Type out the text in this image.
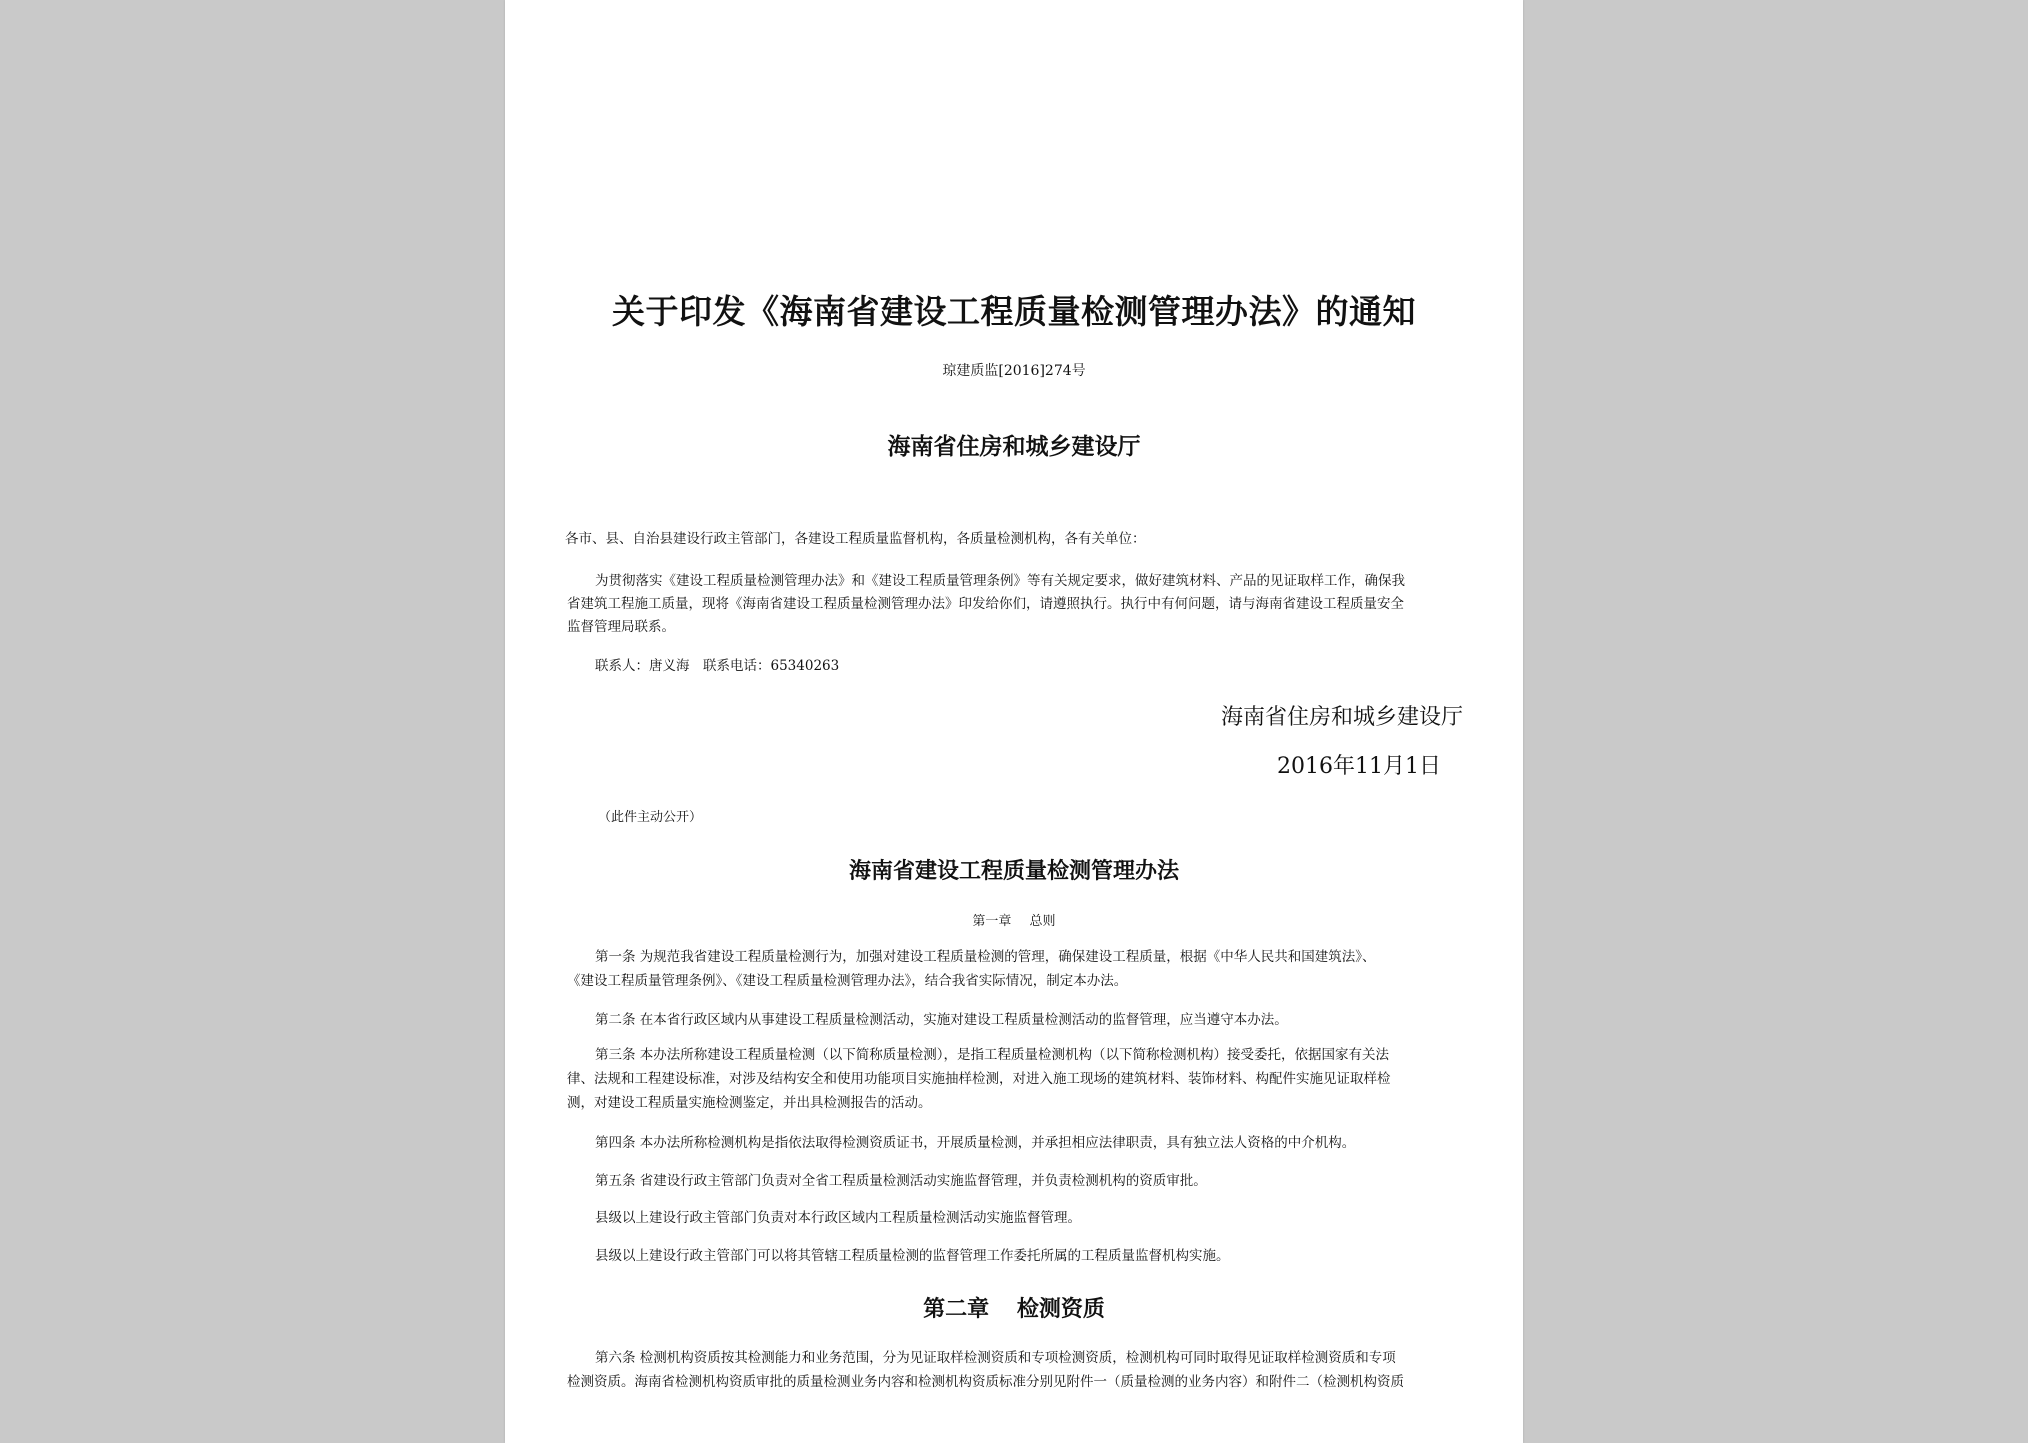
关于印发《海南省建设工程质量检测管理办法》的通知
琼建质监[2016]274号
海南省住房和城乡建设厅
各市、县、自治县建设行政主管部门，各建设工程质量监督机构，各质量检测机构，各有关单位：
为贯彻落实《建设工程质量检测管理办法》和《建设工程质量管理条例》等有关规定要求，做好建筑材料、产品的见证取样工作，确保我
省建筑工程施工质量，现将《海南省建设工程质量检测管理办法》印发给你们，请遵照执行。执行中有何问题，请与海南省建设工程质量安全
监督管理局联系。
联系人：唐义海　联系电话：65340263
海南省住房和城乡建设厅
2016年11月1日
（此件主动公开）
海南省建设工程质量检测管理办法
第一章 总则
第一条 为规范我省建设工程质量检测行为，加强对建设工程质量检测的管理，确保建设工程质量，根据《中华人民共和国建筑法》、
《建设工程质量管理条例》、《建设工程质量检测管理办法》，结合我省实际情况，制定本办法。
第二条 在本省行政区域内从事建设工程质量检测活动，实施对建设工程质量检测活动的监督管理，应当遵守本办法。
第三条 本办法所称建设工程质量检测（以下简称质量检测），是指工程质量检测机构（以下简称检测机构）接受委托，依据国家有关法
律、法规和工程建设标准，对涉及结构安全和使用功能项目实施抽样检测，对进入施工现场的建筑材料、装饰材料、构配件实施见证取样检
测，对建设工程质量实施检测鉴定，并出具检测报告的活动。
第四条 本办法所称检测机构是指依法取得检测资质证书，开展质量检测，并承担相应法律职责，具有独立法人资格的中介机构。
第五条 省建设行政主管部门负责对全省工程质量检测活动实施监督管理，并负责检测机构的资质审批。
县级以上建设行政主管部门负责对本行政区域内工程质量检测活动实施监督管理。
县级以上建设行政主管部门可以将其管辖工程质量检测的监督管理工作委托所属的工程质量监督机构实施。
第二章 检测资质
第六条 检测机构资质按其检测能力和业务范围，分为见证取样检测资质和专项检测资质，检测机构可同时取得见证取样检测资质和专项
检测资质。海南省检测机构资质审批的质量检测业务内容和检测机构资质标准分别见附件一（质量检测的业务内容）和附件二（检测机构资质
